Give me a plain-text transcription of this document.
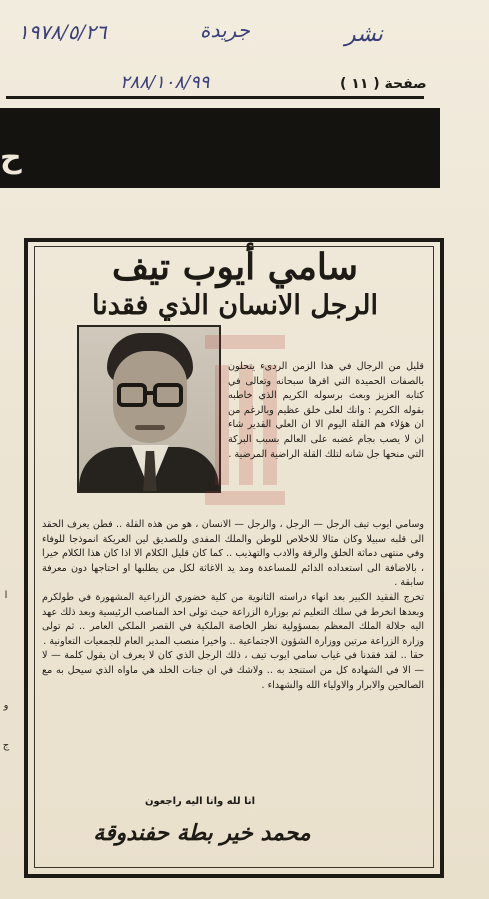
١٩٧٨/٥/٢٦	جريدة	نشر
٢٨٨/١٠٨/٩٩	صفحة ( ١١ )
ح
ا
و
ج
سامي أيوب تيف
الرجل الانسان الذي فقدنا
قليل من الرجال في هذا الزمن الردىء يتحلون بالصفات الحميدة التي اقرها سبحانه وتعالى في كتابه العزيز وبعث برسوله الكريم الذي خاطبه بقوله الكريم : وانك لعلى خلق عظيم وبالرغم من ان هؤلاء هم القلة اليوم الا ان العلي القدير شاء ان لا يصب بجام غضبه على العالم بسبب البركة التي منحها جل شانه لتلك القلة الراضية المرضية .
وسامي ايوب تيف الرجل — الرجل ، والرجل — الانسان ، هو من هذه القلة .. فطن يعرف الحقد الى قلبه سبيلا وكان مثالا للاخلاص للوطن والملك المفدى وللصديق لين العريكة انموذجا للوفاء وفي منتهى دماثة الخلق والرقة والادب والتهذيب .. كما كان قليل الكلام الا اذا كان هذا الكلام خيرا ، بالاضافة الى استعداده الدائم للمساعدة ومد يد الاغاثة لكل من يطلبها او احتاجها دون معرفة سابقة .
تخرج الفقيد الكبير بعد انهاء دراسته الثانوية من كلية خضوري الزراعية المشهورة في طولكرم وبعدها انخرط في سلك التعليم ثم بوزارة الزراعة حيث تولى احد المناصب الرئيسية وبعد ذلك عهد اليه جلالة الملك المعظم بمسؤولية نظر الخاصة الملكية في القصر الملكي العامر .. ثم تولى وزارة الزراعة مرتين ووزارة الشؤون الاجتماعية .. واخيرا منصب المدير العام للجمعيات التعاونية .
حقا .. لقد فقدنا في غياب سامي ايوب تيف ، ذلك الرجل الذي كان لا يعرف ان يقول كلمة — لا — الا في الشهادة كل من استنجد به .. ولاشك في ان جنات الخلد هي ماواه الذي سيحل به مع الصالحين والابرار والاولياء الله والشهداء .
انا لله وانا اليه راجعون
محمد خير بطة حفندوقة
